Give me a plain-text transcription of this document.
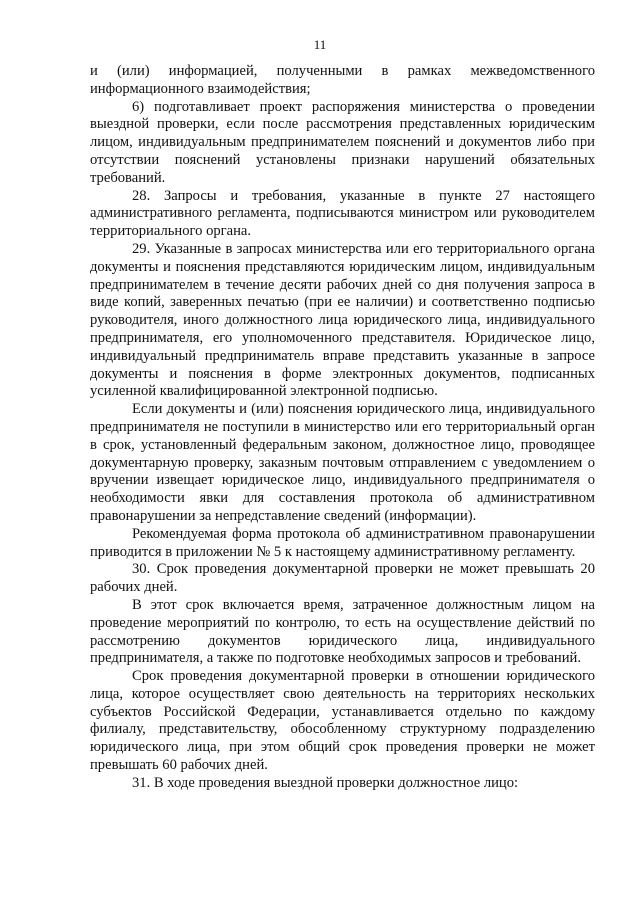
11

и (или) информацией, полученными в рамках межведомственного информационного взаимодействия;

6) подготавливает проект распоряжения министерства о проведении выездной проверки, если после рассмотрения представленных юридическим лицом, индивидуальным предпринимателем пояснений и документов либо при отсутствии пояснений установлены признаки нарушений обязательных требований.

28. Запросы и требования, указанные в пункте 27 настоящего административного регламента, подписываются министром или руководителем территориального органа.

29. Указанные в запросах министерства или его территориального органа документы и пояснения представляются юридическим лицом, индивидуальным предпринимателем в течение десяти рабочих дней со дня получения запроса в виде копий, заверенных печатью (при ее наличии) и соответственно подписью руководителя, иного должностного лица юридического лица, индивидуального предпринимателя, его уполномоченного представителя. Юридическое лицо, индивидуальный предприниматель вправе представить указанные в запросе документы и пояснения в форме электронных документов, подписанных усиленной квалифицированной электронной подписью.

Если документы и (или) пояснения юридического лица, индивидуального предпринимателя не поступили в министерство или его территориальный орган в срок, установленный федеральным законом, должностное лицо, проводящее документарную проверку, заказным почтовым отправлением с уведомлением о вручении извещает юридическое лицо, индивидуального предпринимателя о необходимости явки для составления протокола об административном правонарушении за непредставление сведений (информации).

Рекомендуемая форма протокола об административном правонарушении приводится в приложении № 5 к настоящему административному регламенту.

30. Срок проведения документарной проверки не может превышать 20 рабочих дней.

В этот срок включается время, затраченное должностным лицом на проведение мероприятий по контролю, то есть на осуществление действий по рассмотрению документов юридического лица, индивидуального предпринимателя, а также по подготовке необходимых запросов и требований.

Срок проведения документарной проверки в отношении юридического лица, которое осуществляет свою деятельность на территориях нескольких субъектов Российской Федерации, устанавливается отдельно по каждому филиалу, представительству, обособленному структурному подразделению юридического лица, при этом общий срок проведения проверки не может превышать 60 рабочих дней.

31. В ходе проведения выездной проверки должностное лицо:
